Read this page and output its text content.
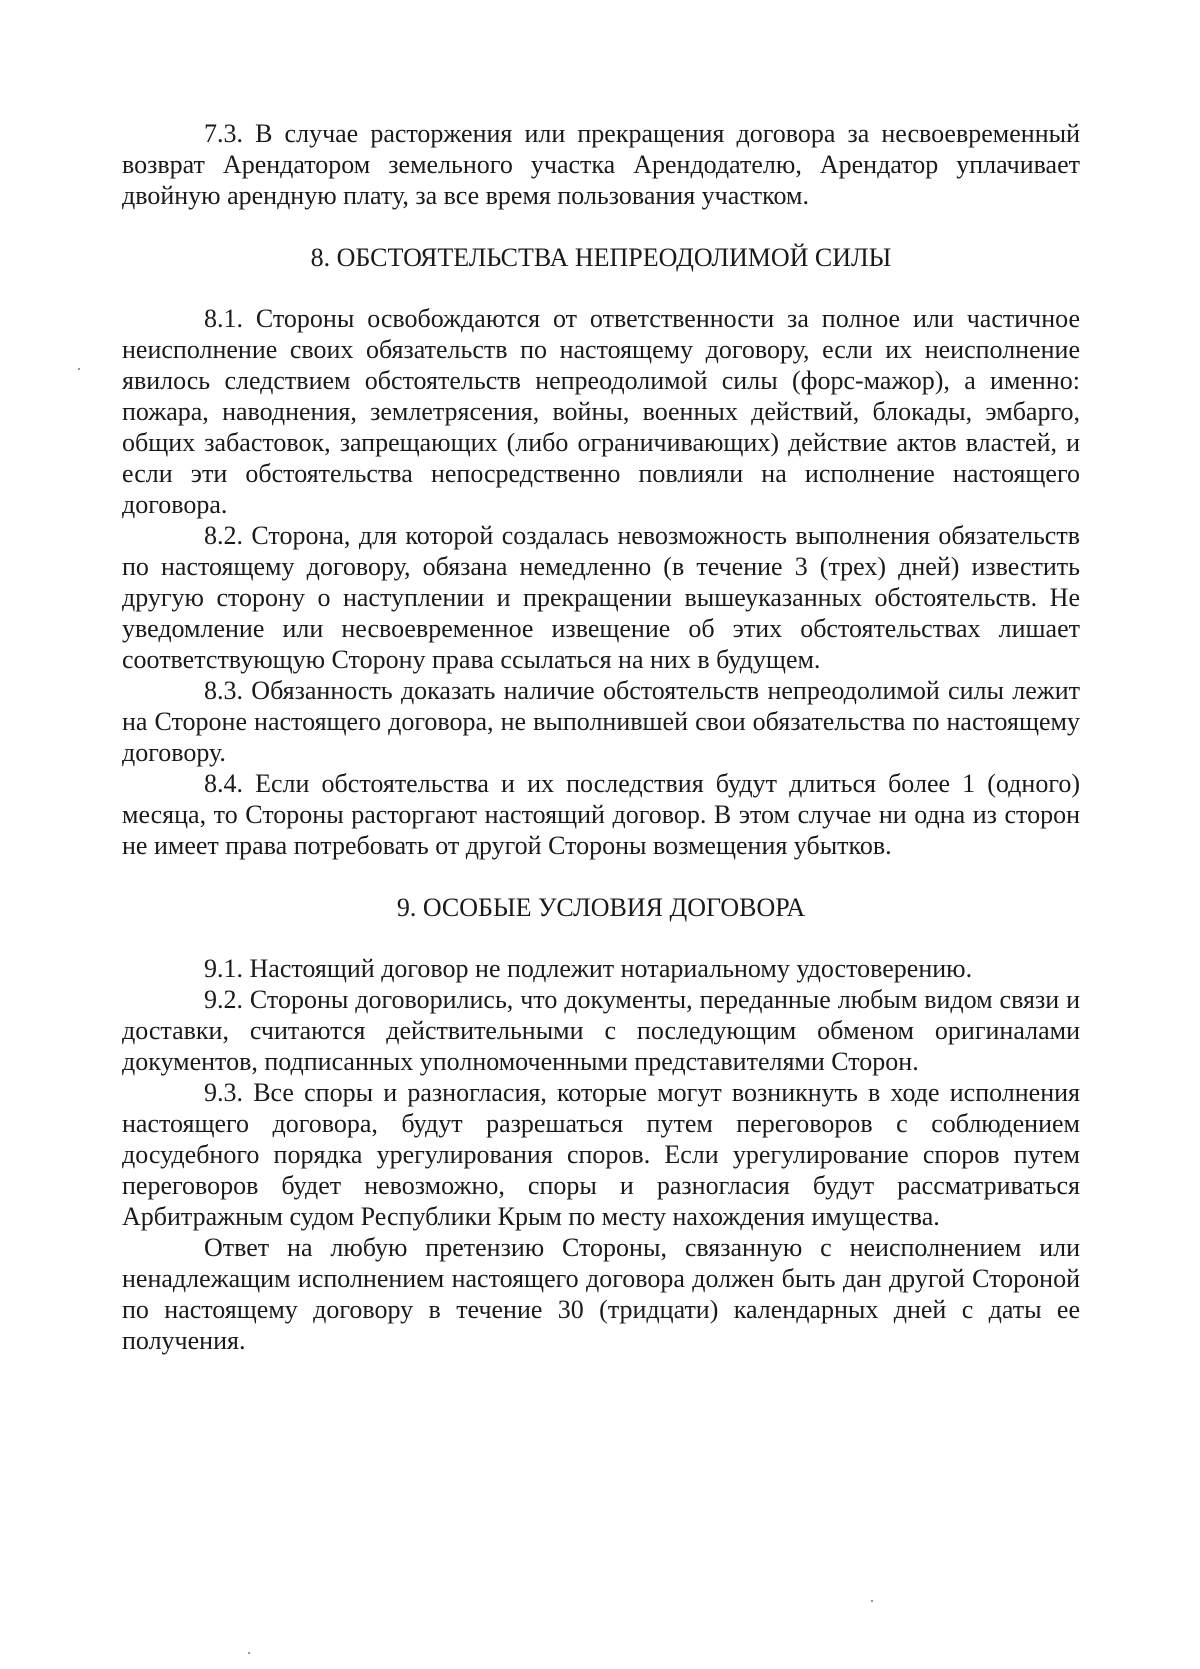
7.3. В случае расторжения или прекращения договора за несвоевременный возврат Арендатором земельного участка Арендодателю, Арендатор уплачивает двойную арендную плату, за все время пользования участком.

8. ОБСТОЯТЕЛЬСТВА НЕПРЕОДОЛИМОЙ СИЛЫ

8.1. Стороны освобождаются от ответственности за полное или частичное неисполнение своих обязательств по настоящему договору, если их неисполнение явилось следствием обстоятельств непреодолимой силы (форс-мажор), а именно: пожара, наводнения, землетрясения, войны, военных действий, блокады, эмбарго, общих забастовок, запрещающих (либо ограничивающих) действие актов властей, и если эти обстоятельства непосредственно повлияли на исполнение настоящего договора.

8.2. Сторона, для которой создалась невозможность выполнения обязательств по настоящему договору, обязана немедленно (в течение 3 (трех) дней) известить другую сторону о наступлении и прекращении вышеуказанных обстоятельств. Не уведомление или несвоевременное извещение об этих обстоятельствах лишает соответствующую Сторону права ссылаться на них в будущем.

8.3. Обязанность доказать наличие обстоятельств непреодолимой силы лежит на Стороне настоящего договора, не выполнившей свои обязательства по настоящему договору.

8.4. Если обстоятельства и их последствия будут длиться более 1 (одного) месяца, то Стороны расторгают настоящий договор. В этом случае ни одна из сторон не имеет права потребовать от другой Стороны возмещения убытков.

9. ОСОБЫЕ УСЛОВИЯ ДОГОВОРА

9.1. Настоящий договор не подлежит нотариальному удостоверению.

9.2. Стороны договорились, что документы, переданные любым видом связи и доставки, считаются действительными с последующим обменом оригиналами документов, подписанных уполномоченными представителями Сторон.

9.3. Все споры и разногласия, которые могут возникнуть в ходе исполнения настоящего договора, будут разрешаться путем переговоров с соблюдением досудебного порядка урегулирования споров. Если урегулирование споров путем переговоров будет невозможно, споры и разногласия будут рассматриваться Арбитражным судом Республики Крым по месту нахождения имущества.

Ответ на любую претензию Стороны, связанную с неисполнением или ненадлежащим исполнением настоящего договора должен быть дан другой Стороной по настоящему договору в течение 30 (тридцати) календарных дней с даты ее получения.
